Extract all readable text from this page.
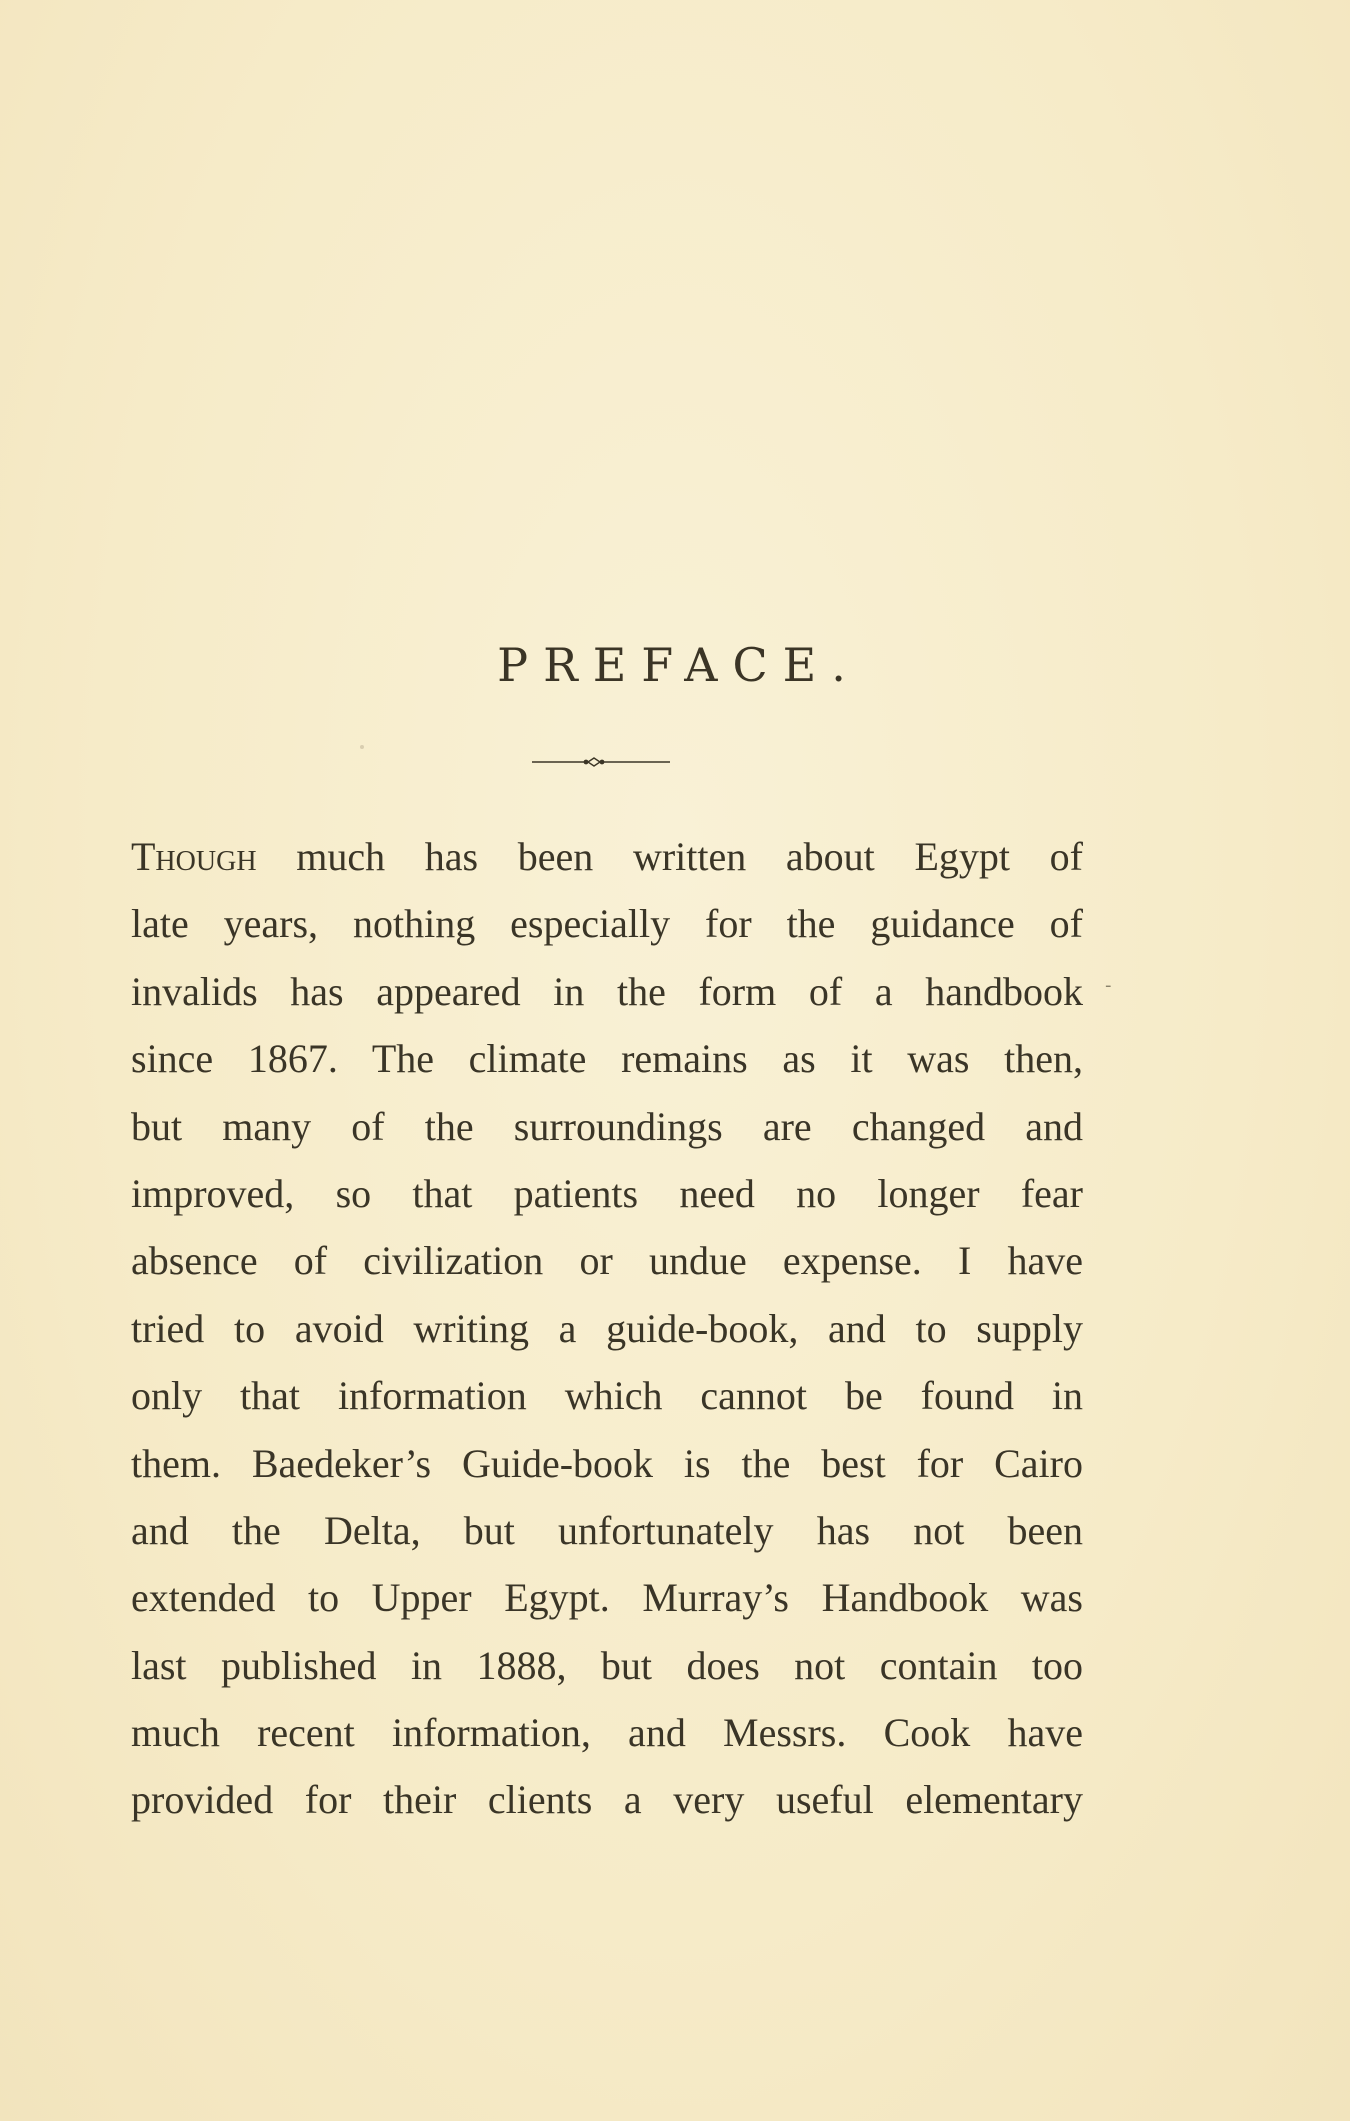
PREFACE.
Though much has been written about Egypt of
late years, nothing especially for the guidance of
invalids has appeared in the form of a handbook
since 1867. The climate remains as it was then,
but many of the surroundings are changed and
improved, so that patients need no longer fear
absence of civilization or undue expense. I have
tried to avoid writing a guide-book, and to supply
only that information which cannot be found in
them. Baedeker’s Guide-book is the best for Cairo
and the Delta, but unfortunately has not been
extended to Upper Egypt. Murray’s Handbook was
last published in 1888, but does not contain too
much recent information, and Messrs. Cook have
provided for their clients a very useful elementary
-
